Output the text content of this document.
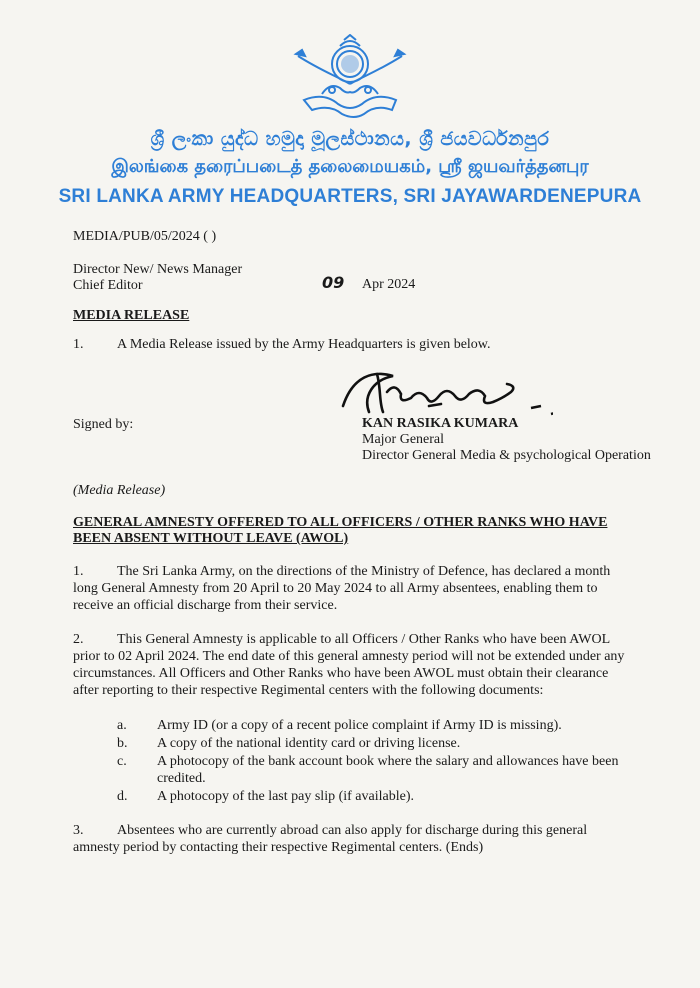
ශ්‍රී ලංකා යුද්ධ හමුදා මූලස්ථානය, ශ්‍රී ජයවර්ධනපුර
இலங்கை தரைப்படைத் தலைமையகம், ஸ்ரீ ஜயவர்த்தனபுர
SRI LANKA ARMY HEADQUARTERS, SRI JAYAWARDENEPURA
MEDIA/PUB/05/2024 ( )
Director New/ News Manager
Chief Editor	09 Apr 2024
MEDIA RELEASE
1. A Media Release issued by the Army Headquarters is given below.
Signed by:	KAN RASIKA KUMARA
Major General
Director General Media & psychological Operation
(Media Release)
GENERAL AMNESTY OFFERED TO ALL OFFICERS / OTHER RANKS WHO HAVE
BEEN ABSENT WITHOUT LEAVE (AWOL)
1. The Sri Lanka Army, on the directions of the Ministry of Defence, has declared a month
long General Amnesty from 20 April to 20 May 2024 to all Army absentees, enabling them to
receive an official discharge from their service.
2. This General Amnesty is applicable to all Officers / Other Ranks who have been AWOL
prior to 02 April 2024. The end date of this general amnesty period will not be extended under any
circumstances. All Officers and Other Ranks who have been AWOL must obtain their clearance
after reporting to their respective Regimental centers with the following documents:
a. Army ID (or a copy of a recent police complaint if Army ID is missing).
b. A copy of the national identity card or driving license.
c. A photocopy of the bank account book where the salary and allowances have been
credited.
d. A photocopy of the last pay slip (if available).
3. Absentees who are currently abroad can also apply for discharge during this general
amnesty period by contacting their respective Regimental centers. (Ends)
